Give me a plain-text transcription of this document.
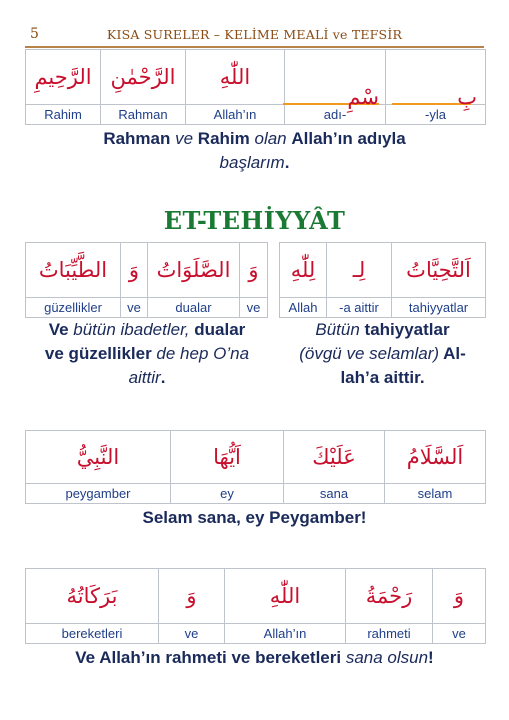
5	KISA SURELER – KELİME MEALİ ve TEFSİR
الرَّحِيمِ	الرَّحْمٰنِ	اللّٰهِ	سْمِ	بِ

Rahim	Rahman	Allah’ın	adı-	-yla
Rahman ve Rahim olan Allah’ın adıyla
başlarım.
ET-TEHİYYÂT
الطَّيِّبَاتُ	وَ	الصَّلَوَاتُ	وَ
güzellikler	ve	dualar	ve
لِلّٰهِ	لِـ	اَلتَّحِيَّاتُ
Allah	-a aittir	tahiyyatlar
Ve bütün ibadetler, dualar
ve güzellikler de hep O’na
aittir.
Bütün tahiyyatlar
(övgü ve selamlar) Al-
lah’a aittir.
النَّبِيُّ	اَيُّهَا	عَلَيْكَ	اَلسَّلَامُ
peygamber	ey	sana	selam
Selam sana, ey Peygamber!
بَرَكَاتُهُ	وَ	اللّٰهِ	رَحْمَةُ	وَ
bereketleri	ve	Allah’ın	rahmeti	ve
Ve Allah’ın rahmeti ve bereketleri sana olsun!
